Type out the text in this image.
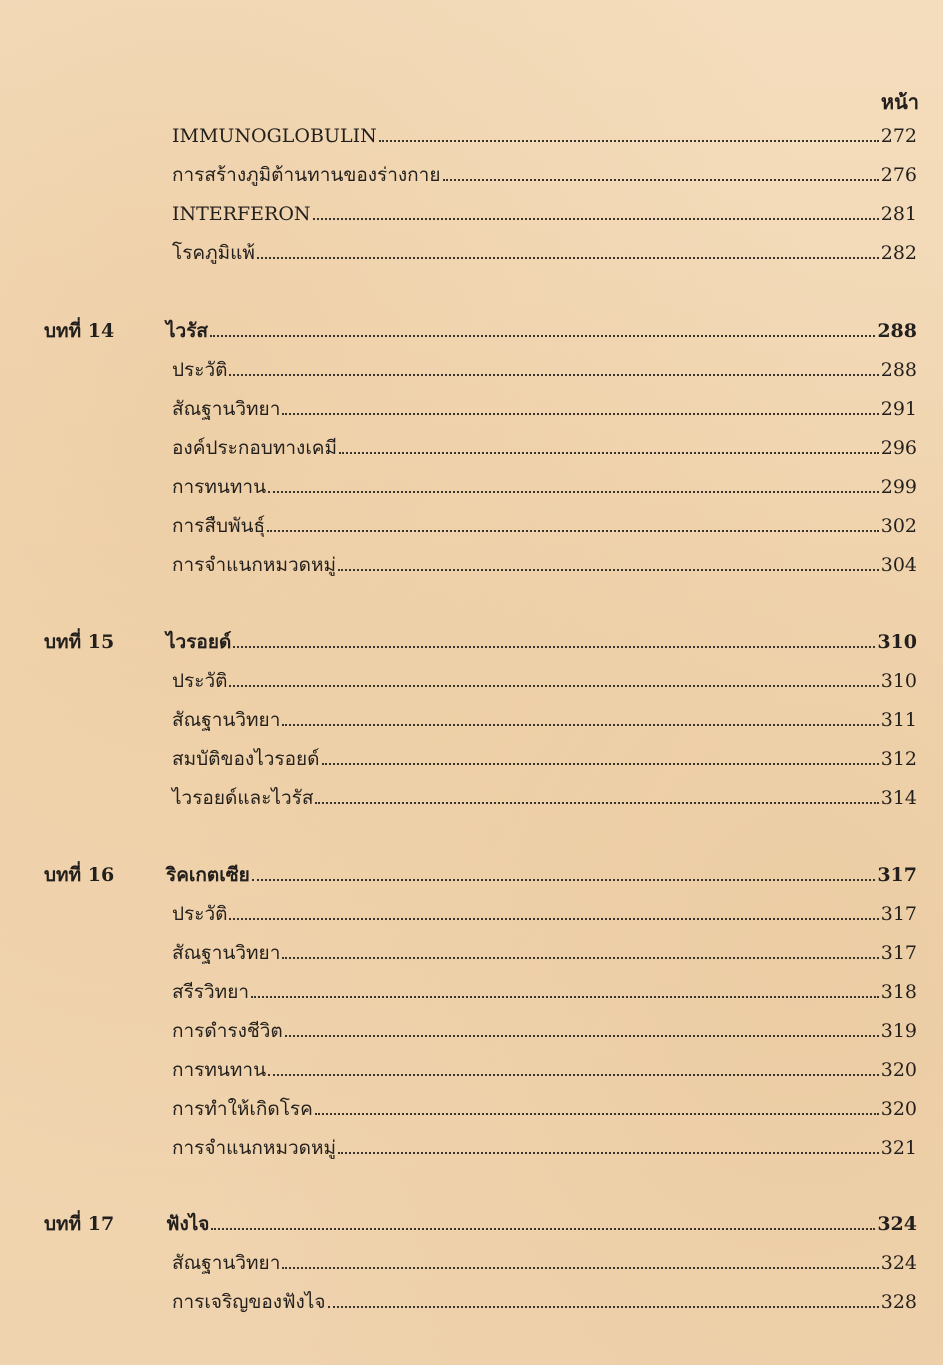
หน้า
IMMUNOGLOBULIN	272
การสร้างภูมิต้านทานของร่างกาย	276
INTERFERON	281
โรคภูมิแพ้	282
บทที่ 14	ไวรัส	288
ประวัติ	288
สัณฐานวิทยา	291
องค์ประกอบทางเคมี	296
การทนทาน	299
การสืบพันธุ์	302
การจำแนกหมวดหมู่	304
บทที่ 15	ไวรอยด์	310
ประวัติ	310
สัณฐานวิทยา	311
สมบัติของไวรอยด์	312
ไวรอยด์และไวรัส	314
บทที่ 16	ริคเกตเซีย	317
ประวัติ	317
สัณฐานวิทยา	317
สรีรวิทยา	318
การดำรงชีวิต	319
การทนทาน	320
การทำให้เกิดโรค	320
การจำแนกหมวดหมู่	321
บทที่ 17	ฟังไจ	324
สัณฐานวิทยา	324
การเจริญของฟังไจ	328
